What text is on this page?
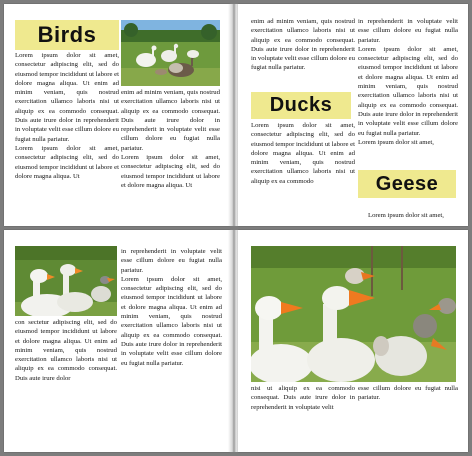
Birds

Lorem ipsum dolor sit amet, consectetur adipiscing elit, sed do eiusmod tempor incididunt ut labore et dolore magna aliqua. Ut enim ad minim veniam, quis nostrud exercitation ullamco laboris nisi ut aliquip ex ea commodo consequat. Duis aute irure dolor in reprehenderit in voluptate velit esse cillum dolore eu fugiat nulla pariatur.
Lorem ipsum dolor sit amet, consectetur adipiscing elit, sed do eiusmod tempor incididunt ut labore et dolore magna aliqua. Ut

enim ad minim veniam, quis nostrud exercitation ullamco laboris nisi ut aliquip ex ea commodo consequat. Duis aute irure dolor in reprehenderit in voluptate velit esse cillum dolore eu fugiat nulla pariatur.
Lorem ipsum dolor sit amet, consectetur adipiscing elit, sed do eiusmod tempor incididunt ut labore et dolore magna aliqua. Ut

enim ad minim veniam, quis nostrud exercitation ullamco laboris nisi ut aliquip ex ea commodo consequat. Duis aute irure dolor in reprehenderit in voluptate velit esse cillum dolore eu fugiat nulla pariatur.

Ducks

Lorem ipsum dolor sit amet, consectetur adipiscing elit, sed do eiusmod tempor incididunt ut labore et dolore magna aliqua. Ut enim ad minim veniam, quis nostrud exercitation ullamco laboris nisi ut aliquip ex ea commodo

in reprehenderit in voluptate velit esse cillum dolore eu fugiat nulla pariatur.
Lorem ipsum dolor sit amet, consectetur adipiscing elit, sed do eiusmod tempor incididunt ut labore et dolore magna aliqua. Ut enim ad minim veniam, quis nostrud exercitation ullamco laboris nisi ut aliquip ex ea commodo consequat. Duis aute irure dolor in reprehenderit in voluptate velit esse cillum dolore eu fugiat nulla pariatur.
Lorem ipsum dolor sit amet,

Geese

Lorem ipsum dolor sit amet,

con sectetur adipiscing elit, sed do eiusmod tempor incididunt ut labore et dolore magna aliqua. Ut enim ad minim veniam, quis nostrud exercitation ullamco laboris nisi ut aliquip ex ea commodo consequat. Duis aute irure dolor

in reprehenderit in voluptate velit esse cillum dolore eu fugiat nulla pariatur.
Lorem ipsum dolor sit amet, consectetur adipiscing elit, sed do eiusmod tempor incididunt ut labore et dolore magna aliqua. Ut enim ad minim veniam, quis nostrud exercitation ullamco laboris nisi ut aliquip ex ea commodo consequat. Duis aute irure dolor in reprehenderit in voluptate velit esse cillum dolore eu fugiat nulla pariatur.

nisi ut aliquip ex ea commodo consequat. Duis aute irure dolor in reprehenderit in voluptate velit

esse cillum dolore eu fugiat nulla pariatur.
